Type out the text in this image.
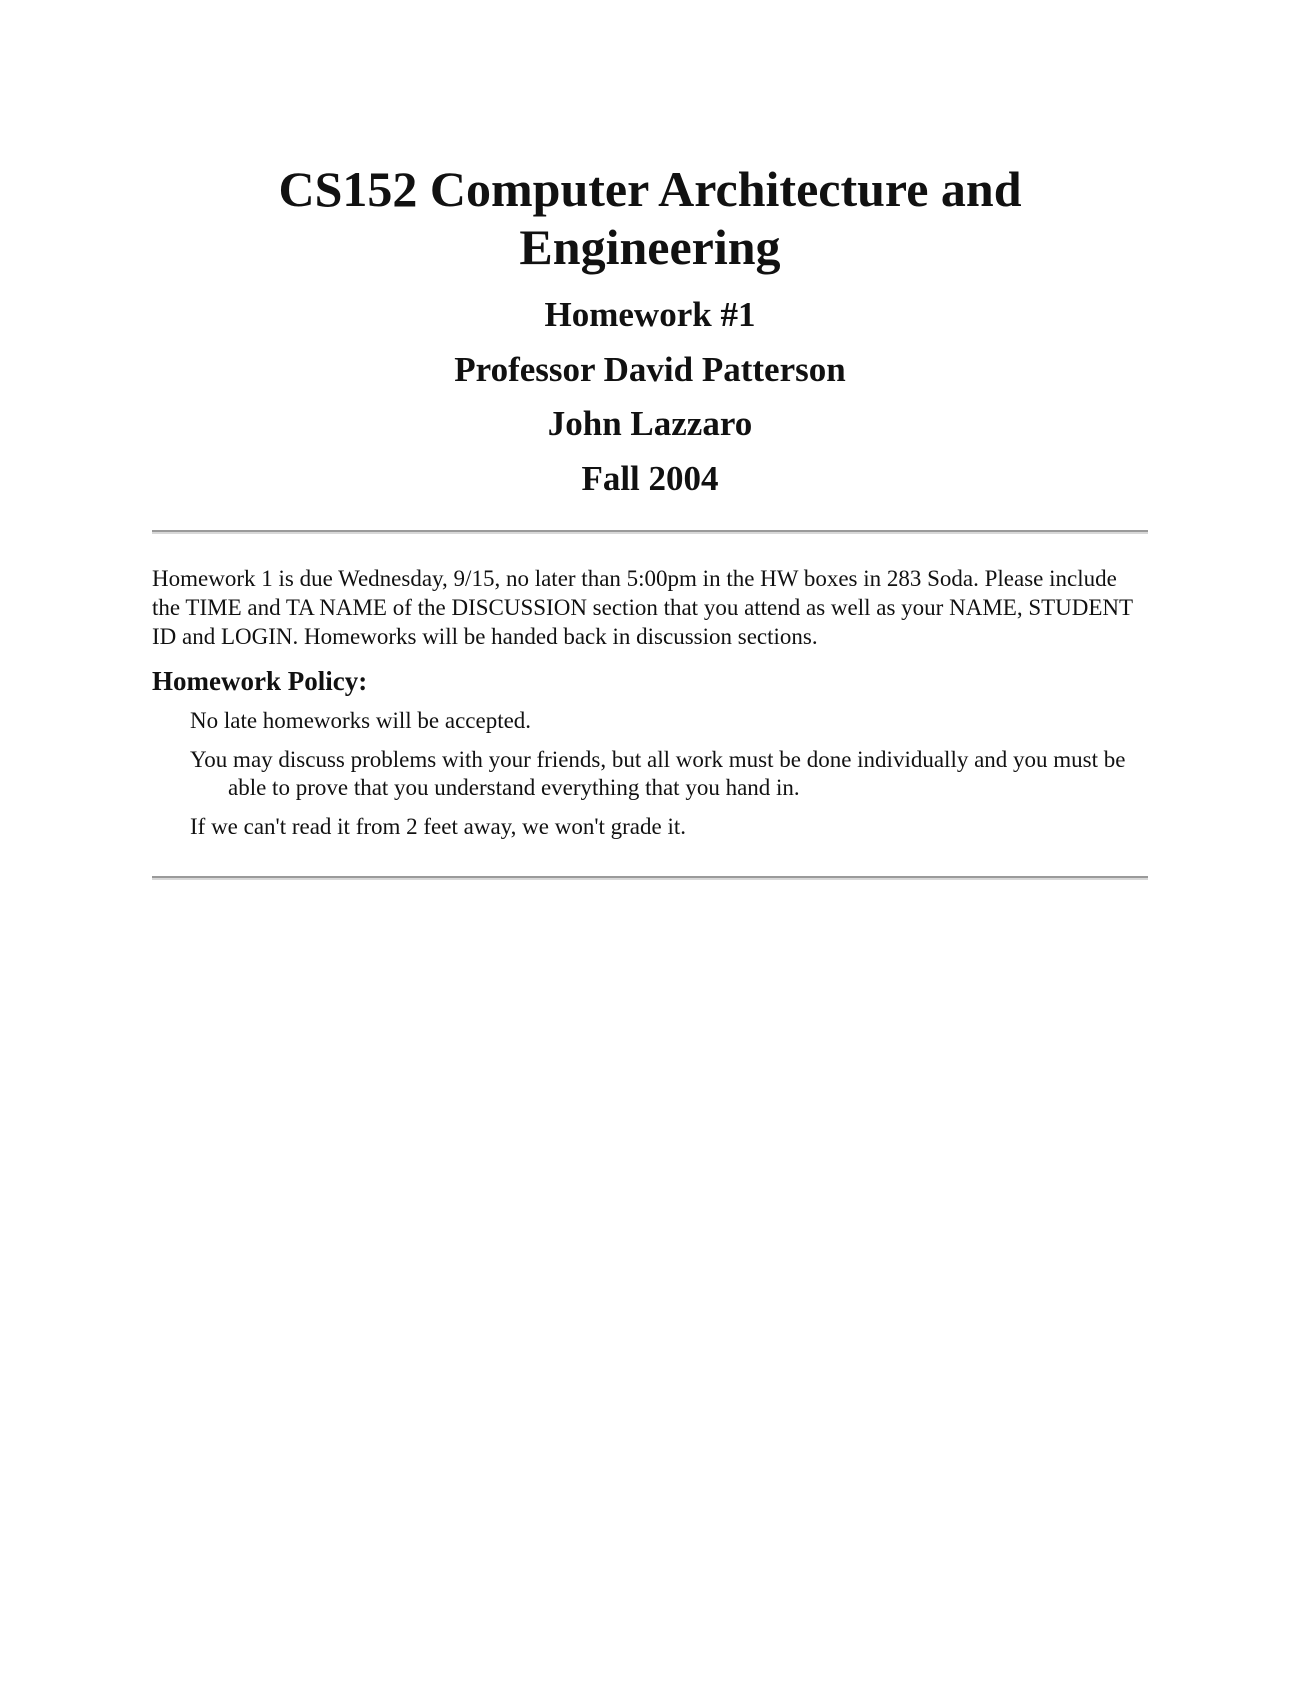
CS152 Computer Architecture and Engineering
Homework #1
Professor David Patterson
John Lazzaro
Fall 2004

Homework 1 is due Wednesday, 9/15, no later than 5:00pm in the HW boxes in 283 Soda. Please include the TIME and TA NAME of the DISCUSSION section that you attend as well as your NAME, STUDENT ID and LOGIN. Homeworks will be handed back in discussion sections.

Homework Policy:
No late homeworks will be accepted.
You may discuss problems with your friends, but all work must be done individually and you must be able to prove that you understand everything that you hand in.
If we can't read it from 2 feet away, we won't grade it.
